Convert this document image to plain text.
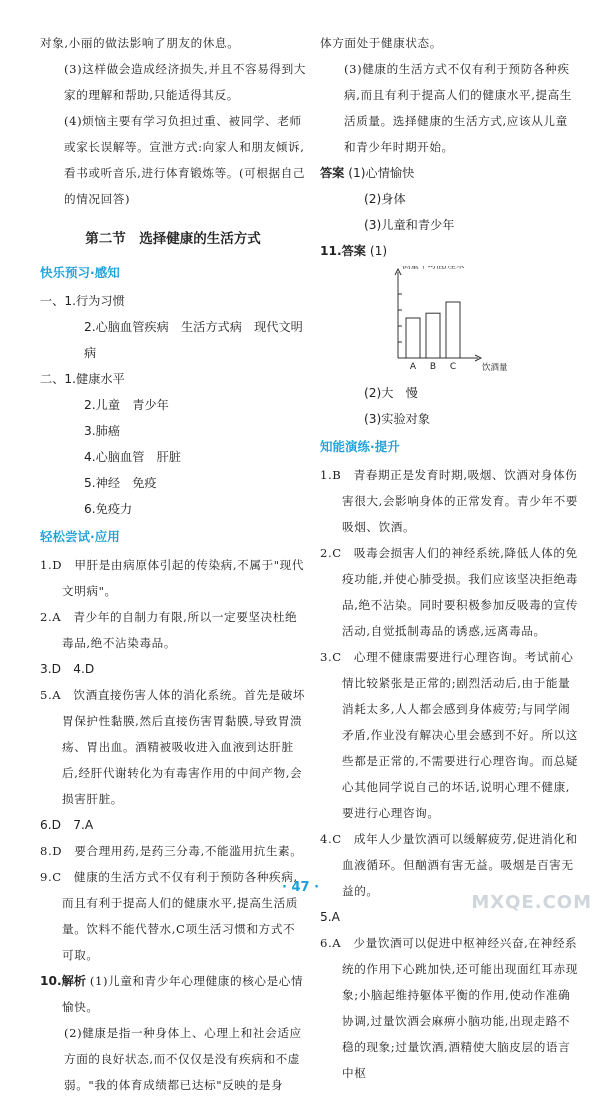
对象,小丽的做法影响了朋友的休息。

(3)这样做会造成经济损失,并且不容易得到大家的理解和帮助,只能适得其反。

(4)烦恼主要有学习负担过重、被同学、老师或家长误解等。宣泄方式:向家人和朋友倾诉,看书或听音乐,进行体育锻炼等。(可根据自己的情况回答)

第二节　选择健康的生活方式
快乐预习·感知

一、1.行为习惯

2.心脑血管疾病　生活方式病　现代文明病

二、1.健康水平

2.儿童　青少年

3.肺癌

4.心脑血管　肝脏

5.神经　免疫

6.免疫力

轻松尝试·应用

1.D　甲肝是由病原体引起的传染病,不属于"现代文明病"。

2.A　青少年的自制力有限,所以一定要坚决杜绝毒品,绝不沾染毒品。

3.D　4.D

5.A　饮酒直接伤害人体的消化系统。首先是破坏胃保护性黏膜,然后直接伤害胃黏膜,导致胃溃疡、胃出血。酒精被吸收进入血液到达肝脏后,经肝代谢转化为有毒害作用的中间产物,会损害肝脏。

6.D　7.A

8.D　要合理用药,是药三分毒,不能滥用抗生素。

9.C　健康的生活方式不仅有利于预防各种疾病,而且有利于提高人们的健康水平,提高生活质量。饮料不能代替水,C项生活习惯和方式不可取。

10.解析 (1)儿童和青少年心理健康的核心是心情愉快。

(2)健康是指一种身体上、心理上和社会适应方面的良好状态,而不仅仅是没有疾病和不虚弱。"我的体育成绩都已达标"反映的是身

体方面处于健康状态。

(3)健康的生活方式不仅有利于预防各种疾病,而且有利于提高人们的健康水平,提高生活质量。选择健康的生活方式,应该从儿童和青少年时期开始。

答案 (1)心情愉快

(2)身体

(3)儿童和青少年

11.答案 (1)

测量平均值/厘米
饮酒量
A B C

(2)大　慢

(3)实验对象

知能演练·提升

1.B　青春期正是发育时期,吸烟、饮酒对身体伤害很大,会影响身体的正常发育。青少年不要吸烟、饮酒。

2.C　吸毒会损害人们的神经系统,降低人体的免疫功能,并使心肺受损。我们应该坚决拒绝毒品,绝不沾染。同时要积极参加反吸毒的宣传活动,自觉抵制毒品的诱惑,远离毒品。

3.C　心理不健康需要进行心理咨询。考试前心情比较紧张是正常的;剧烈活动后,由于能量消耗太多,人人都会感到身体疲劳;与同学闹矛盾,作业没有解决心里会感到不好。所以这些都是正常的,不需要进行心理咨询。而总疑心其他同学说自己的坏话,说明心理不健康,要进行心理咨询。

4.C　成年人少量饮酒可以缓解疲劳,促进消化和血液循环。但酗酒有害无益。吸烟是百害无益的。

5.A

6.A　少量饮酒可以促进中枢神经兴奋,在神经系统的作用下心跳加快,还可能出现面红耳赤现象;小脑起维持躯体平衡的作用,使动作准确协调,过量饮酒会麻痹小脑功能,出现走路不稳的现象;过量饮酒,酒精使大脑皮层的语言中枢

· 47 ·
MXQE.COM
